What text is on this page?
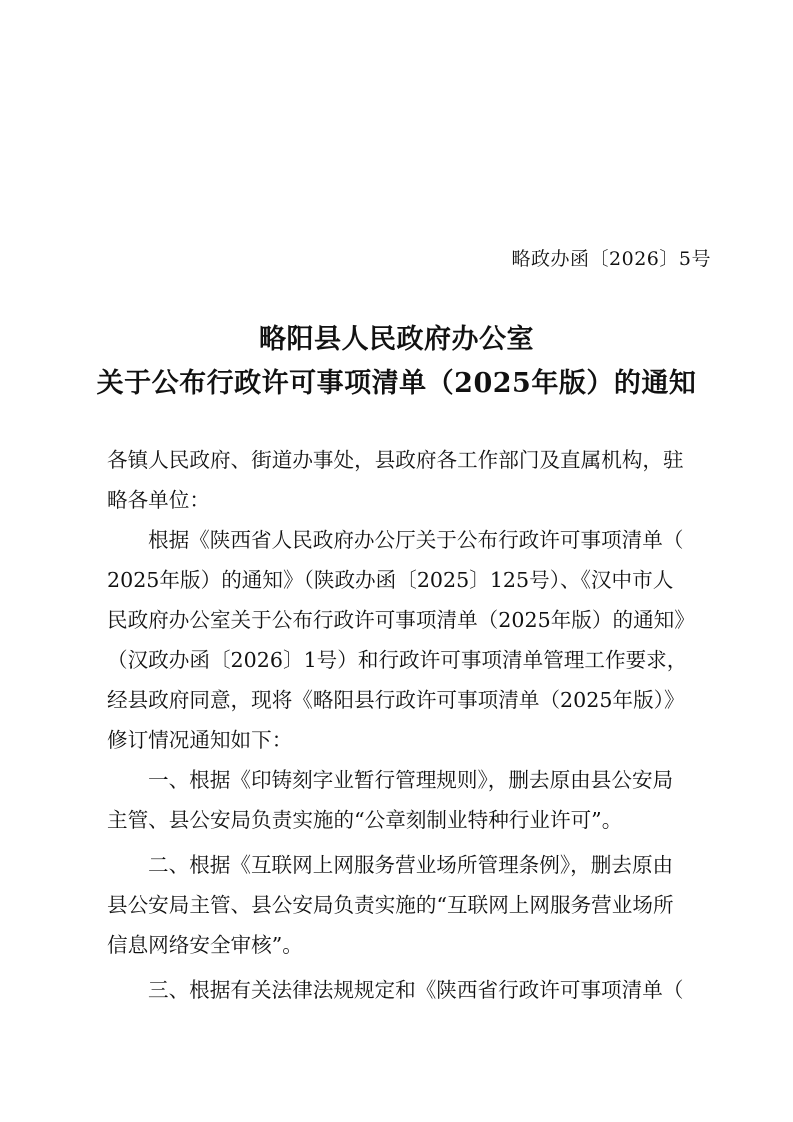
略政办函〔2026〕5号
略阳县人民政府办公室
关于公布行政许可事项清单（2025年版）的通知

各镇人民政府、街道办事处，县政府各工作部门及直属机构，驻

略各单位：

根据《陕西省人民政府办公厅关于公布行政许可事项清单（

2025年版）的通知》（陕政办函〔2025〕125号）、《汉中市人

民政府办公室关于公布行政许可事项清单（2025年版）的通知》

（汉政办函〔2026〕1号）和行政许可事项清单管理工作要求，

经县政府同意，现将《略阳县行政许可事项清单（2025年版）》

修订情况通知如下：

一、根据《印铸刻字业暂行管理规则》，删去原由县公安局

主管、县公安局负责实施的“公章刻制业特种行业许可”。

二、根据《互联网上网服务营业场所管理条例》，删去原由

县公安局主管、县公安局负责实施的“互联网上网服务营业场所

信息网络安全审核”。

三、根据有关法律法规规定和《陕西省行政许可事项清单（
